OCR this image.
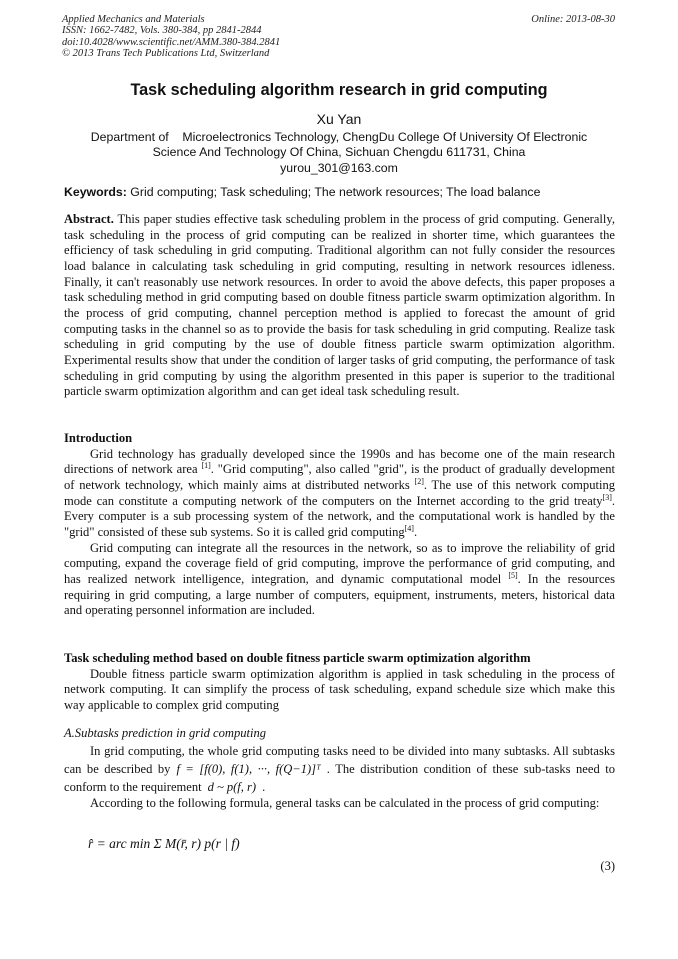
Applied Mechanics and Materials
ISSN: 1662-7482, Vols. 380-384, pp 2841-2844
doi:10.4028/www.scientific.net/AMM.380-384.2841
© 2013 Trans Tech Publications Ltd, Switzerland
Online: 2013-08-30
Task scheduling algorithm research in grid computing
Xu Yan
Department of    Microelectronics Technology, ChengDu College Of University Of Electronic
Science And Technology Of China, Sichuan Chengdu 611731, China
yurou_301@163.com
Keywords: Grid computing; Task scheduling; The network resources; The load balance

Abstract. This paper studies effective task scheduling problem in the process of grid computing. Generally, task scheduling in the process of grid computing can be realized in shorter time, which guarantees the efficiency of task scheduling in grid computing. Traditional algorithm can not fully consider the resources load balance in calculating task scheduling in grid computing, resulting in network resources idleness. Finally, it can't reasonably use network resources. In order to avoid the above defects, this paper proposes a task scheduling method in grid computing based on double fitness particle swarm optimization algorithm. In the process of grid computing, channel perception method is applied to forecast the amount of grid computing tasks in the channel so as to provide the basis for task scheduling in grid computing. Realize task scheduling in grid computing by the use of double fitness particle swarm optimization algorithm. Experimental results show that under the condition of larger tasks of grid computing, the performance of task scheduling in grid computing by using the algorithm presented in this paper is superior to the traditional particle swarm optimization algorithm and can get ideal task scheduling result.

Introduction

Grid technology has gradually developed since the 1990s and has become one of the main research directions of network area [1]. "Grid computing", also called "grid", is the product of gradually development of network technology, which mainly aims at distributed networks [2]. The use of this network computing mode can constitute a computing network of the computers on the Internet according to the grid treaty[3]. Every computer is a sub processing system of the network, and the computational work is handled by the "grid" consisted of these sub systems. So it is called grid computing[4].

Grid computing can integrate all the resources in the network, so as to improve the reliability of grid computing, expand the coverage field of grid computing, improve the performance of grid computing, and has realized network intelligence, integration, and dynamic computational model [5]. In the resources requiring in grid computing, a large number of computers, equipment, instruments, meters, historical data and operating personnel information are included.

Task scheduling method based on double fitness particle swarm optimization algorithm

Double fitness particle swarm optimization algorithm is applied in task scheduling in the process of network computing. It can simplify the process of task scheduling, expand schedule size which make this way applicable to complex grid computing

A.Subtasks prediction in grid computing

In grid computing, the whole grid computing tasks need to be divided into many subtasks. All subtasks can be described by f = [f(0), f(1), ···, f(Q−1)]ᵀ . The distribution condition of these sub-tasks need to conform to the requirement d ~ p(f, r) .

According to the following formula, general tasks can be calculated in the process of grid computing:

r̂ = arc min Σ M(r̄, r) p(r | f)
(3)
